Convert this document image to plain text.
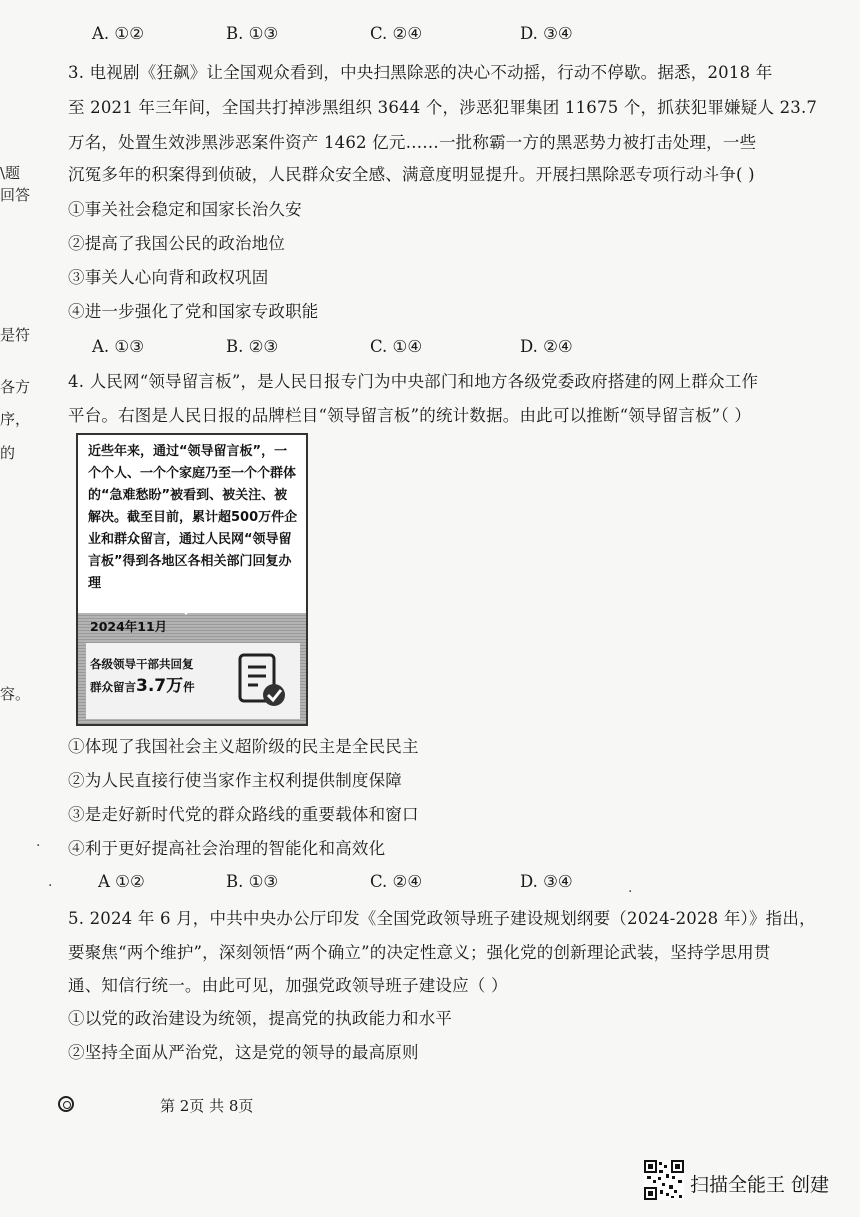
A. ①②	B. ①③	C. ②④	D. ③④
3. 电视剧《狂飙》让全国观众看到，中央扫黑除恶的决心不动摇，行动不停歇。据悉，2018 年
至 2021 年三年间，全国共打掉涉黑组织 3644 个，涉恶犯罪集团 11675 个，抓获犯罪嫌疑人 23.7
万名，处置生效涉黑涉恶案件资产 1462 亿元……一批称霸一方的黑恶势力被打击处理，一些
沉冤多年的积案得到侦破，人民群众安全感、满意度明显提升。开展扫黑除恶专项行动斗争( )
①事关社会稳定和国家长治久安
②提高了我国公民的政治地位
③事关人心向背和政权巩固
④进一步强化了党和国家专政职能
A. ①③	B. ②③	C. ①④	D. ②④
4. 人民网“领导留言板”，是人民日报专门为中央部门和地方各级党委政府搭建的网上群众工作
平台。右图是人民日报的品牌栏目“领导留言板”的统计数据。由此可以推断“领导留言板”（ ）
近些年来，通过“领导留言板”，一个个人、一个个家庭乃至一个个群体的“急难愁盼”被看到、被关注、被解决。截至目前，累计超500万件企业和群众留言，通过人民网“领导留言板”得到各地区各相关部门回复办理
2024年11月
各级领导干部共回复
群众留言3.7万件
①体现了我国社会主义超阶级的民主是全民民主
②为人民直接行使当家作主权利提供制度保障
③是走好新时代党的群众路线的重要载体和窗口
④利于更好提高社会治理的智能化和高效化
A ①②	B. ①③	C. ②④	D. ③④
5. 2024 年 6 月，中共中央办公厅印发《全国党政领导班子建设规划纲要（2024-2028 年）》指出，
要聚焦“两个维护”，深刻领悟“两个确立”的决定性意义；强化党的创新理论武装，坚持学思用贯
通、知信行统一。由此可见，加强党政领导班子建设应（ ）
①以党的政治建设为统领，提高党的执政能力和水平
②坚持全面从严治党，这是党的领导的最高原则
\题
回答
是符
各方
序，
的
容。
·
·	·
第 2页 共 8页
扫描全能王 创建
